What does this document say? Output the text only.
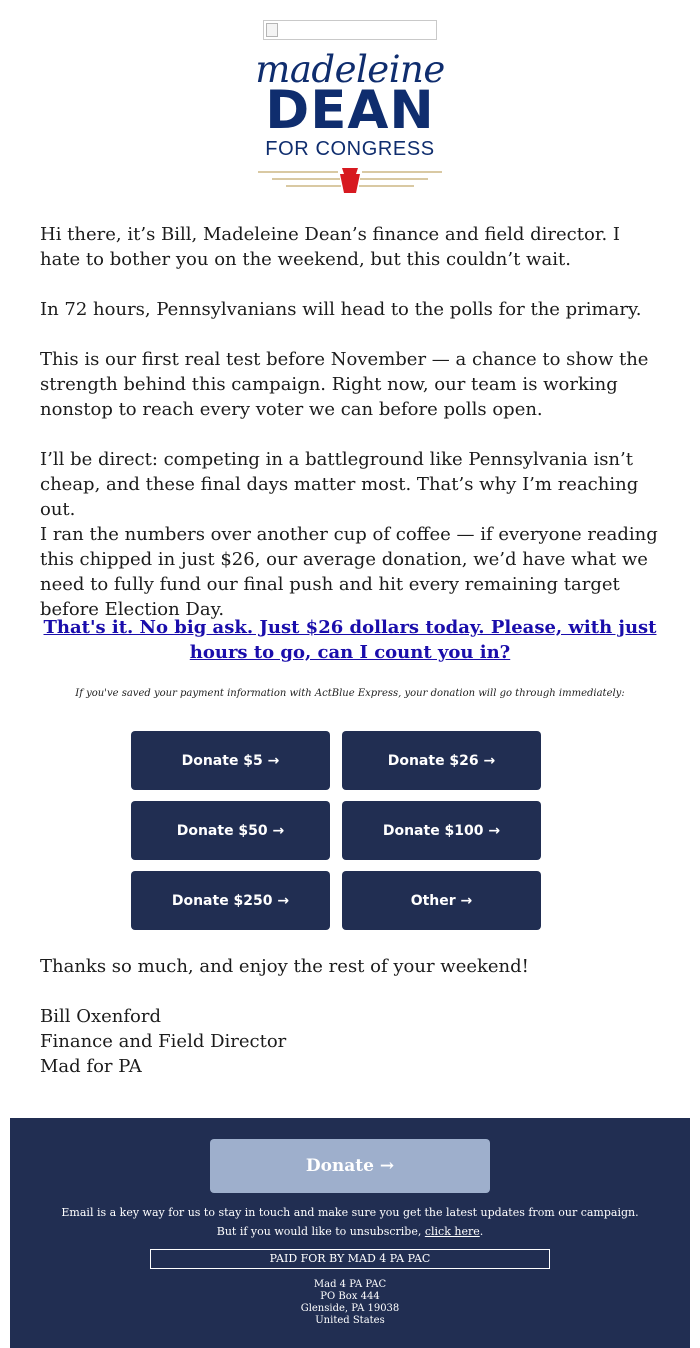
madeleine
DEAN
FOR CONGRESS

Hi there, it’s Bill, Madeleine Dean’s finance and field director. I hate to bother you on the weekend, but this couldn’t wait.

In 72 hours, Pennsylvanians will head to the polls for the primary.

This is our first real test before November — a chance to show the strength behind this campaign. Right now, our team is working nonstop to reach every voter we can before polls open.

I’ll be direct: competing in a battleground like Pennsylvania isn’t cheap, and these final days matter most. That’s why I’m reaching out.

I ran the numbers over another cup of coffee — if everyone reading this chipped in just $26, our average donation, we’d have what we need to fully fund our final push and hit every remaining target before Election Day.

That's it. No big ask. Just $26 dollars today. Please, with just hours to go, can I count you in?
If you've saved your payment information with ActBlue Express, your donation will go through immediately:
Donate $5 →	Donate $26 →
Donate $50 →	Donate $100 →
Donate $250 →	Other →

Thanks so much, and enjoy the rest of your weekend!

Bill Oxenford

Finance and Field Director

Mad for PA

Donate →
Email is a key way for us to stay in touch and make sure you get the latest updates from our campaign. But if you would like to unsubscribe, click here.
PAID FOR BY MAD 4 PA PAC
Mad 4 PA PAC
PO Box 444
Glenside, PA 19038
United States
